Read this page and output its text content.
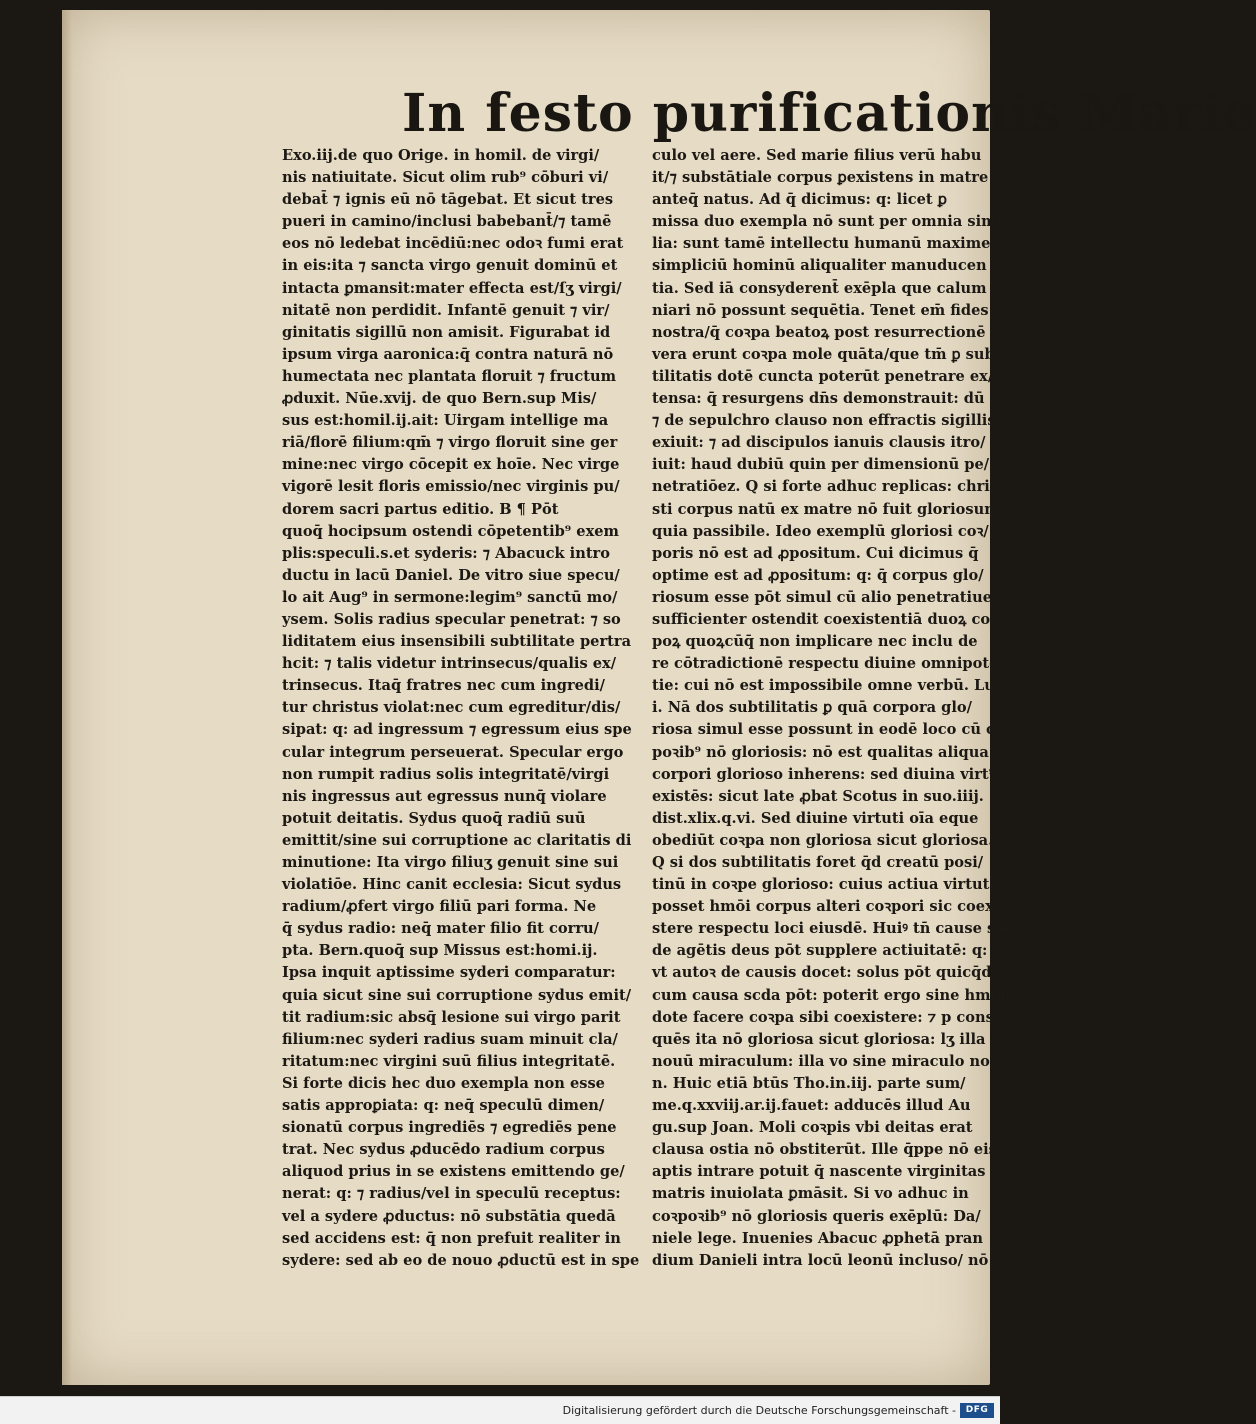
In festo purificationis Marie
Exo.iij.de quo Orige. in homil. de virgi/
nis natiuitate. Sicut olim rub⁹ cōburi vi/
debat̄ ⁊ ignis eū nō tāgebat. Et sicut tres
pueri in camino/inclusi babebant̄/⁊ tamē
eos nō ledebat incēdiū:nec odoꝛ fumi erat
in eis:ita ⁊ sancta virgo genuit dominū et
intacta ꝑmansit:mater effecta est/ſʒ virgi/
nitatē non perdidit. Infantē genuit ⁊ vir/
ginitatis sigillū non amisit. Figurabat id
ipsum virga aaronica:q̄ contra naturā nō
humectata nec plantata floruit ⁊ fructum
ꝓduxit. Nūe.xvij. de quo Bern.sup Mis/
sus est:homil.ij.ait: Uirgam intellige ma
riā/florē filium:qm̄ ⁊ virgo floruit sine ger
mine:nec virgo cōcepit ex hoīe. Nec virge
vigorē lesit floris emissio/nec virginis pu/
dorem sacri partus editio. B ¶ Pōt
quoq̄ hocipsum ostendi cōpetentib⁹ exem
plis:speculi.s.et syderis: ⁊ Abacuck intro
ductu in lacū Daniel. De vitro siue specu/
lo ait Aug⁹ in sermone:legim⁹ sanctū mo/
ysem. Solis radius specular penetrat: ⁊ so
liditatem eius insensibili subtilitate pertra
hcit: ⁊ talis videtur intrinsecus/qualis ex/
trinsecus. Itaq̄ fratres nec cum ingredi/
tur christus violat:nec cum egreditur/dis/
sipat: q: ad ingressum ⁊ egressum eius spe
cular integrum perseuerat. Specular ergo
non rumpit radius solis integritatē/virgi
nis ingressus aut egressus nunq̄ violare
potuit deitatis. Sydus quoq̄ radiū suū
emittit/sine sui corruptione ac claritatis di
minutione: Ita virgo filiuʒ genuit sine sui
violatiōe. Hinc canit ecclesia: Sicut sydus
radium/ꝓfert virgo filiū pari forma. Ne
q̄ sydus radio: neq̄ mater filio fit corru/
pta. Bern.quoq̄ sup Missus est:homi.ij.
Ipsa inquit aptissime syderi comparatur:
quia sicut sine sui corruptione sydus emit/
tit radium:sic absq̄ lesione sui virgo parit
filium:nec syderi radius suam minuit cla/
ritatum:nec virgini suū filius integritatē.
Si forte dicis hec duo exempla non esse
satis approꝑiata: q: neq̄ speculū dimen/
sionatū corpus ingrediēs ⁊ egrediēs pene
trat. Nec sydus ꝓducēdo radium corpus
aliquod prius in se existens emittendo ge/
nerat: q: ⁊ radius/vel in speculū receptus:
vel a sydere ꝓductus: nō substātia quedā
sed accidens est: q̄ non prefuit realiter in
sydere: sed ab eo de nouo ꝓductū est in spe
culo vel aere. Sed marie filius verū habu
it/⁊ substātiale corpus ꝑexistens in matre
anteq̄ natus. Ad q̄ dicimus: q: licet ꝑ
missa duo exempla nō sunt per omnia simi
lia: sunt tamē intellectu humanū maxime
simpliciū hominū aliqualiter manuducen
tia. Sed iā consyderent̄ exēpla que calum
niari nō possunt sequētia. Tenet em̄ fides
nostra/q̄ coꝛpa beatoꝝ post resurrectionē
vera erunt coꝛpa mole quāta/que tm̄ ꝑ sub
tilitatis dotē cuncta poterūt penetrare ex/
tensa: q̄ resurgens dn̄s demonstrauit: dū
⁊ de sepulchro clauso non effractis sigillis
exiuit: ⁊ ad discipulos ianuis clausis itro/
iuit: haud dubiū quin per dimensionū pe/
netratiōez. Q si forte adhuc replicas: chri
sti corpus natū ex matre nō fuit gloriosum
quia passibile. Ideo exemplū gloriosi coꝛ/
poris nō est ad ꝓpositum. Cui dicimus q̄
optime est ad ꝓpositum: q: q̄ corpus glo/
riosum esse pōt simul cū alio penetratiue:
sufficienter ostendit coexistentiā duoꝝ coꝛ/
poꝝ quoꝝcūq̄ non implicare nec inclu de
re cōtradictionē respectu diuine omnipotē
tie: cui nō est impossibile omne verbū. Lu.
i. Nā dos subtilitatis ꝑ quā corpora glo/
riosa simul esse possunt in eodē loco cū coꝛ
poꝛib⁹ nō gloriosis: nō est qualitas aliqua
corpori glorioso inherens: sed diuina virt⁹
existēs: sicut late ꝓbat Scotus in suo.iiij.
dist.xlix.q.vi. Sed diuine virtuti oīa eque
obediūt coꝛpa non gloriosa sicut gloriosa.
Q si dos subtilitatis foret q̄d creatū posi/
tinū in coꝛpe glorioso: cuius actiua virtute
posset hmōi corpus alteri coꝛpori sic coexi
stere respectu loci eiusdē. Huiꝰ tn̄ cause secū
de agētis deus pōt supplere actiuitatē: q:
vt autoꝛ de causis docet: solus pōt quicq̄d
cum causa scda pōt: poterit ergo sine hmōi
dote facere coꝛpa sibi coexistere: ⁊ p conse/
quēs ita nō gloriosa sicut gloriosa: lʒ illa ꝑ
nouū miraculum: illa vo sine miraculo no
n. Huic etiā btūs Tho.in.iij. parte sum/
me.q.xxviij.ar.ij.fauet: adducēs illud Au
gu.sup Joan. Moli coꝛpis vbi deitas erat
clausa ostia nō obstiterūt. Ille q̄ppe nō eis
aptis intrare potuit q̄ nascente virginitas
matris inuiolata ꝑmāsit. Si vo adhuc in
coꝛpoꝛib⁹ nō gloriosis queris exēplū: Da/
niele lege. Inuenies Abacuc ꝓphetā pran
dium Danieli intra locū leonū incluso/ nō
Digitalisierung gefördert durch die Deutsche Forschungsgemeinschaft -	DFG
